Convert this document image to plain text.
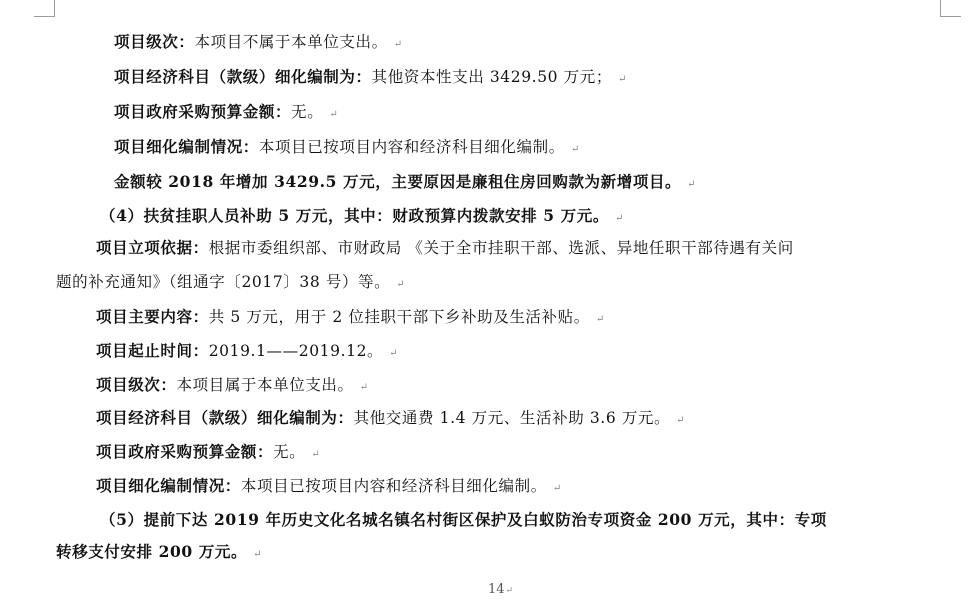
项目级次：本项目不属于本单位支出。 ↵
项目经济科目（款级）细化编制为：其他资本性支出 3429.50 万元； ↵
项目政府采购预算金额：无。 ↵
项目细化编制情况：本项目已按项目内容和经济科目细化编制。 ↵
金额较 2018 年增加 3429.5 万元，主要原因是廉租住房回购款为新增项目。 ↵
（4）扶贫挂职人员补助 5 万元，其中：财政预算内拨款安排 5 万元。 ↵
项目立项依据：根据市委组织部、市财政局 《关于全市挂职干部、选派、异地任职干部待遇有关问
题的补充通知》（组通字〔2017〕38 号）等。 ↵
项目主要内容：共 5 万元，用于 2 位挂职干部下乡补助及生活补贴。 ↵
项目起止时间：2019.1——2019.12。 ↵
项目级次：本项目属于本单位支出。 ↵
项目经济科目（款级）细化编制为：其他交通费 1.4 万元、生活补助 3.6 万元。 ↵
项目政府采购预算金额：无。 ↵
项目细化编制情况：本项目已按项目内容和经济科目细化编制。 ↵
（5）提前下达 2019 年历史文化名城名镇名村街区保护及白蚁防治专项资金 200 万元，其中：专项
转移支付安排 200 万元。 ↵
14↵
